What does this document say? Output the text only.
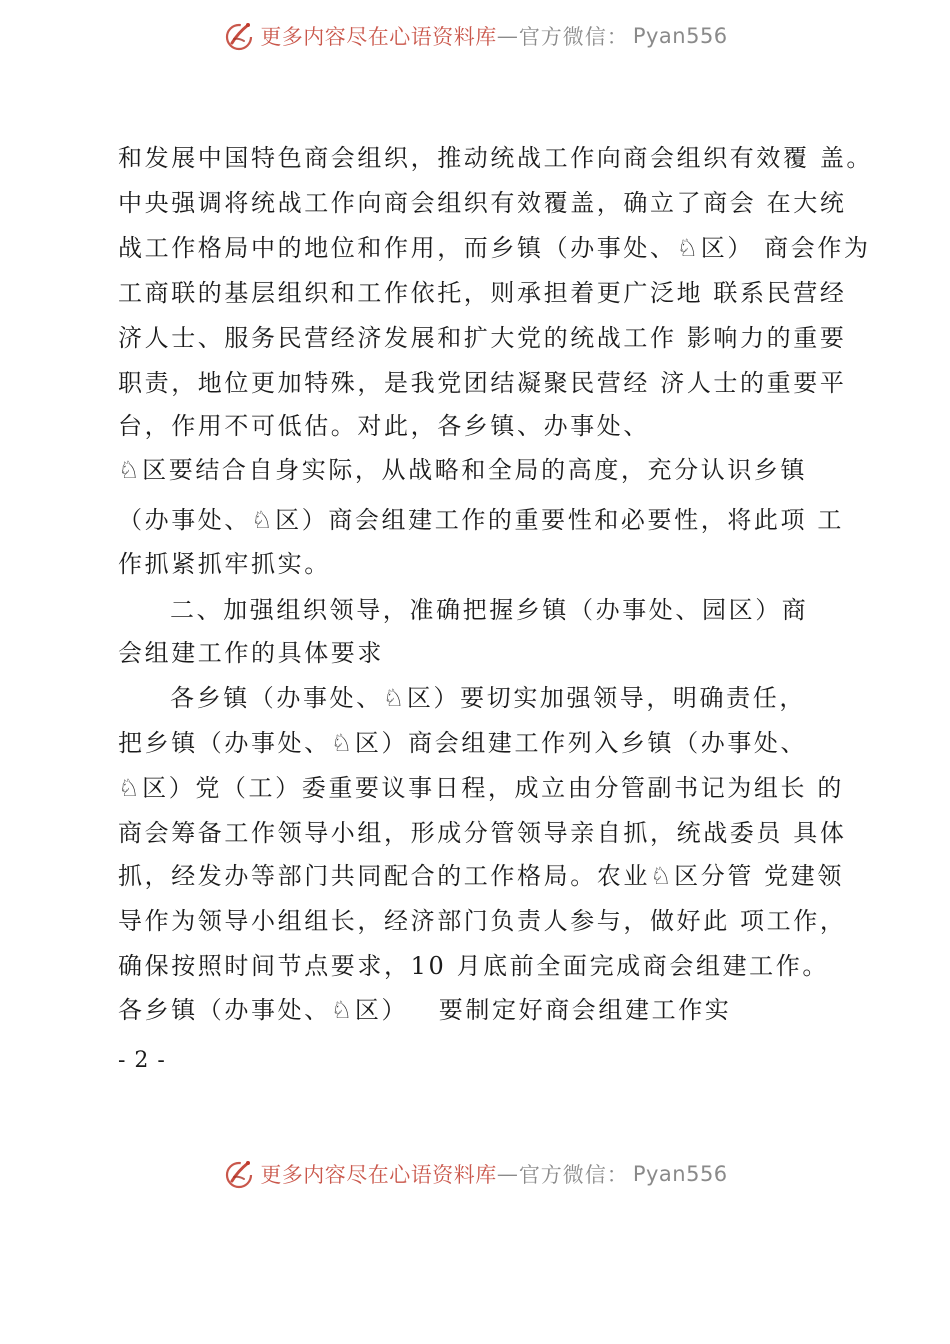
更多内容尽在心语资料库 — 官方微信： Pyan556
和发展中国特色商会组织，推动统战工作向商会组织有效覆 盖。
中央强调将统战工作向商会组织有效覆盖，确立了商会 在大统
战工作格局中的地位和作用，而乡镇（办事处、♘区） 商会作为
工商联的基层组织和工作依托，则承担着更广泛地 联系民营经
济人士、服务民营经济发展和扩大党的统战工作 影响力的重要
职责，地位更加特殊，是我党团结凝聚民营经 济人士的重要平
台，作用不可低估。对此，各乡镇、办事处、
♘区要结合自身实际，从战略和全局的高度，充分认识乡镇
（办事处、♘区）商会组建工作的重要性和必要性，将此项 工
作抓紧抓牢抓实。
二、加强组织领导，准确把握乡镇（办事处、园区）商
会组建工作的具体要求
各乡镇（办事处、♘区）要切实加强领导，明确责任，
把乡镇（办事处、♘区）商会组建工作列入乡镇（办事处、
♘区）党（工）委重要议事日程，成立由分管副书记为组长 的
商会筹备工作领导小组，形成分管领导亲自抓，统战委员 具体
抓，经发办等部门共同配合的工作格局。农业♘区分管 党建领
导作为领导小组组长，经济部门负责人参与，做好此 项工作，
确保按照时间节点要求，10 月底前全面完成商会组建工作。
各乡镇（办事处、♘区）   要制定好商会组建工作实
- 2 -
更多内容尽在心语资料库 — 官方微信： Pyan556
